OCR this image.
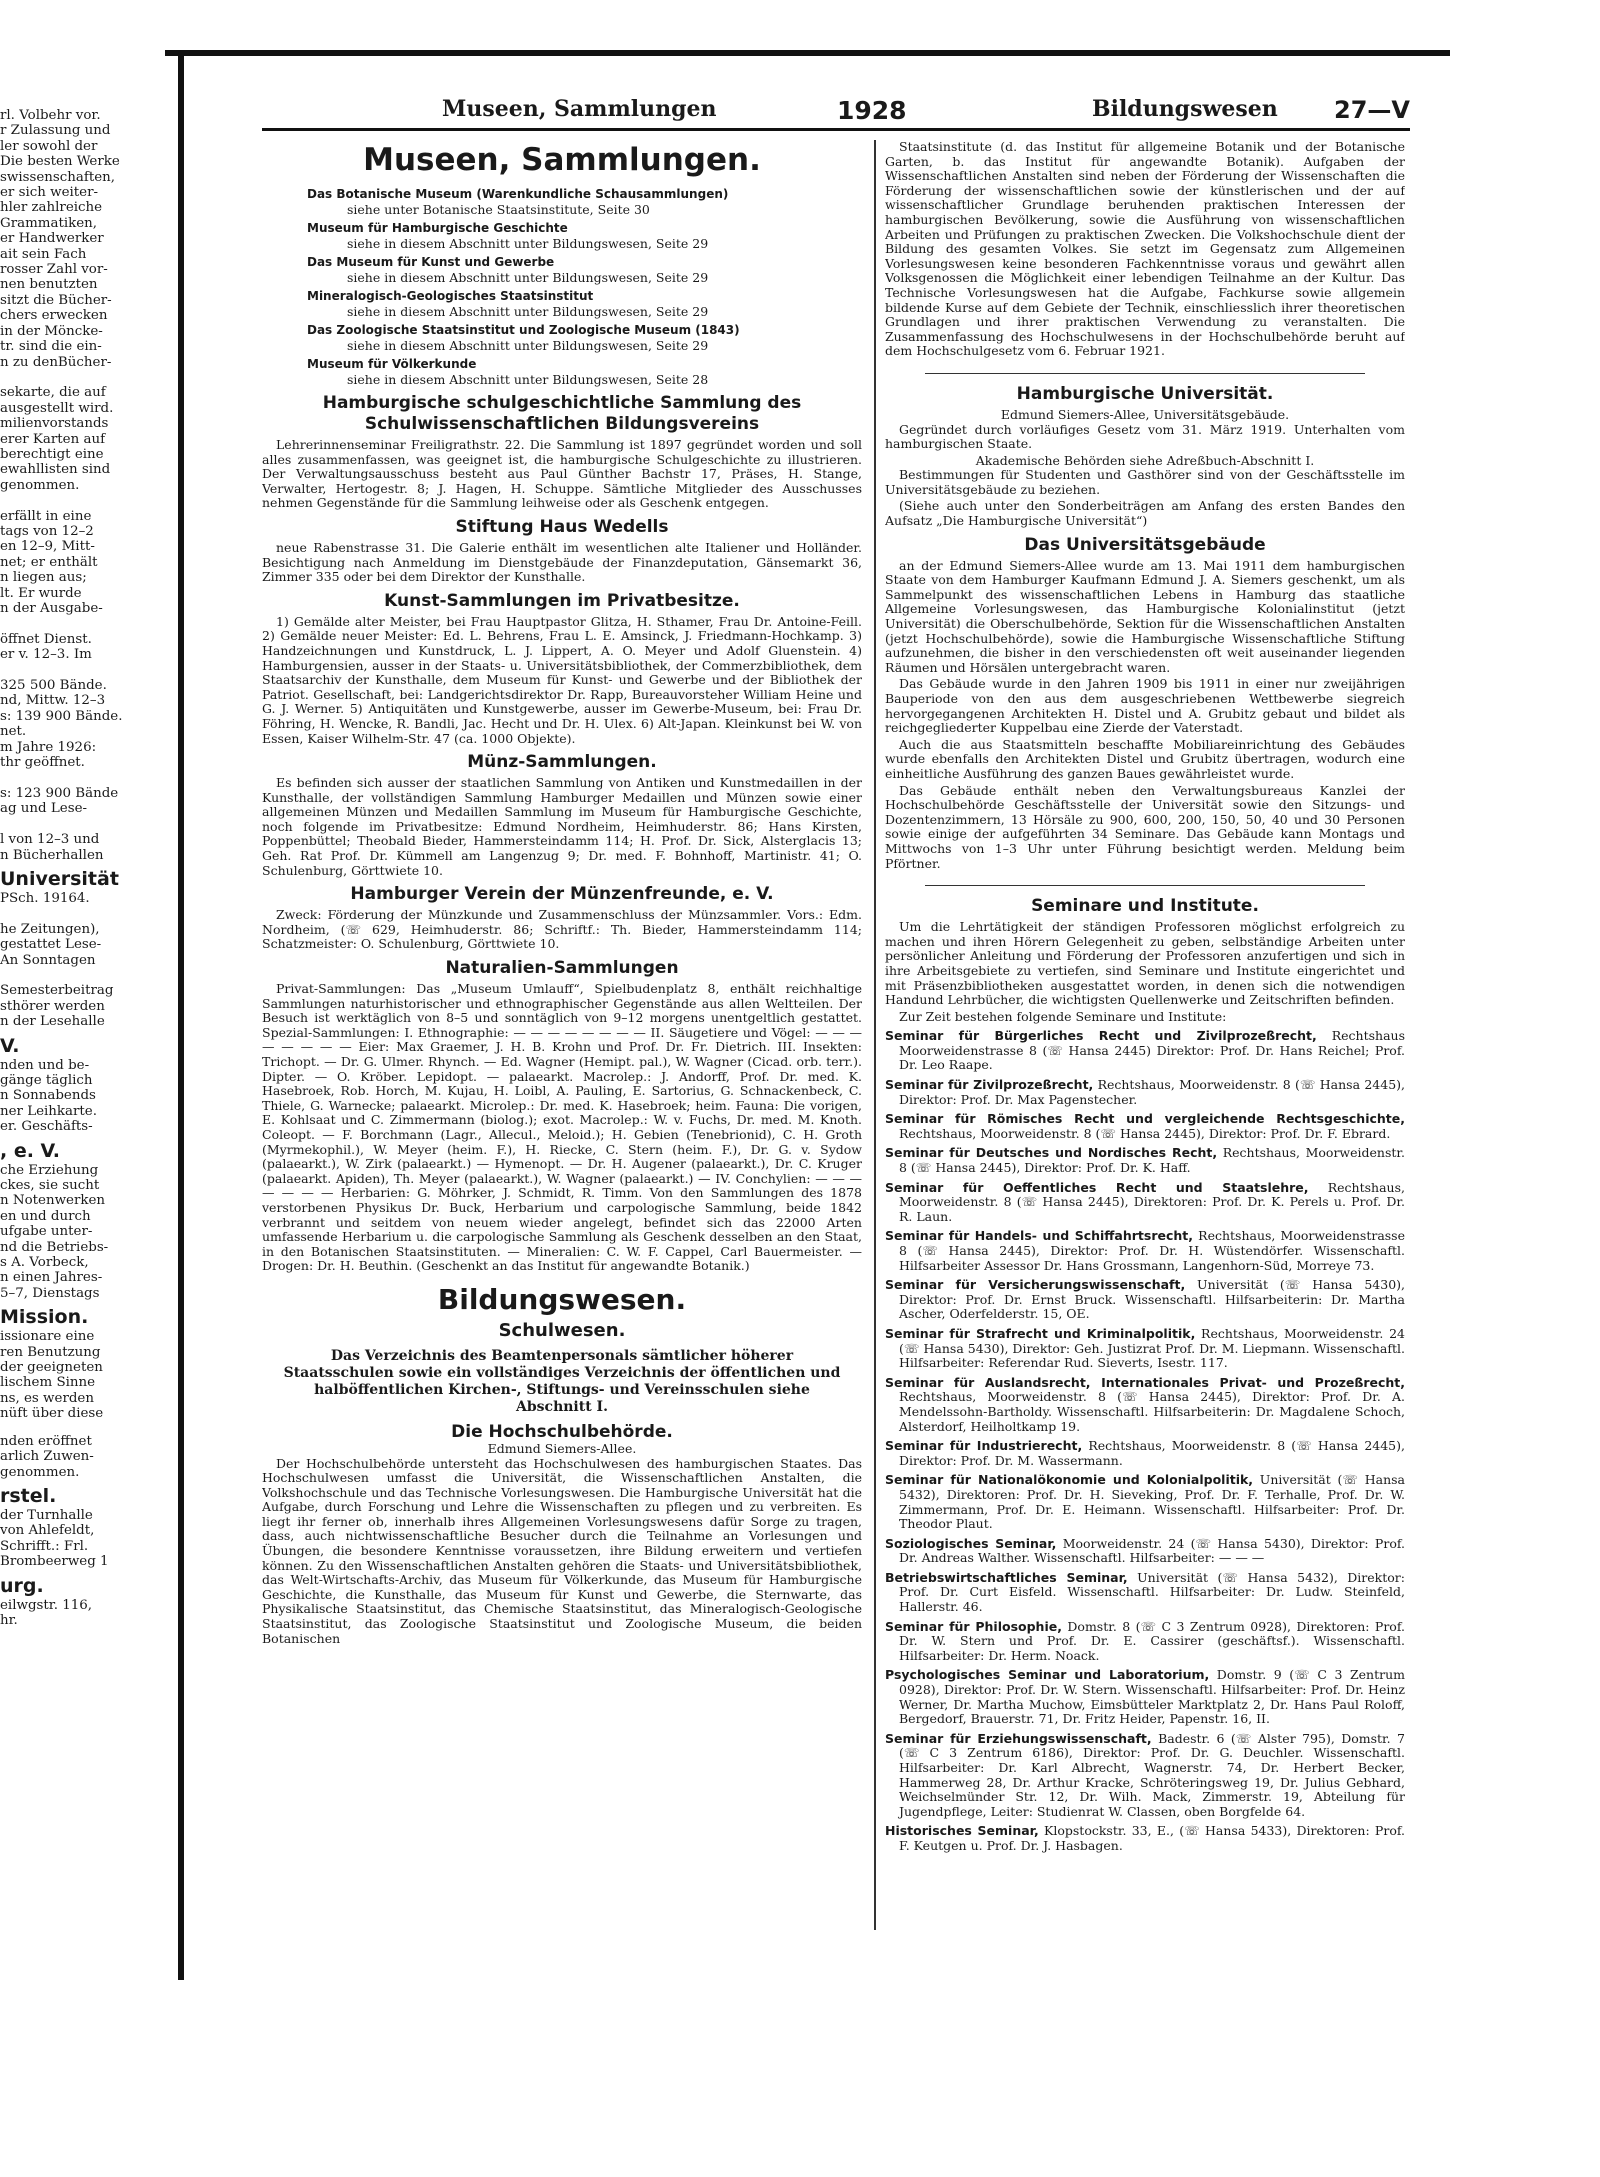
rl. Volbehr vor.
r Zulassung und
ler sowohl der
Die besten Werke
swissenschaften,
er sich weiter-
hler zahlreiche
Grammatiken,
er Handwerker
ait sein Fach
rosser Zahl vor-
nen benutzten
sitzt die Bücher-
chers erwecken
in der Möncke-
tr. sind die ein-
n zu denBücher-

sekarte, die auf
ausgestellt wird.
milienvorstands
erer Karten auf
berechtigt eine
ewahllisten sind
genommen.

erfällt in eine
tags von 12–2
en 12–9, Mitt-
net; er enthält
n liegen aus;
lt. Er wurde
n der Ausgabe-

öffnet Dienst.
er v. 12–3. Im

325 500 Bände.
nd, Mittw. 12–3
s: 139 900 Bände.
net.
m Jahre 1926:
thr geöffnet.

s: 123 900 Bände
ag und Lese-

l von 12–3 und
n Bücherhallen
Universität
PSch. 19164.

he Zeitungen),
gestattet Lese-
An Sonntagen

Semesterbeitrag
sthörer werden
n der Lesehalle
V.
nden und be-
gänge täglich
n Sonnabends
ner Leihkarte.
er. Geschäfts-
, e. V.
che Erziehung
ckes, sie sucht
n Notenwerken
en und durch
ufgabe unter-
nd die Betriebs-
s A. Vorbeck,
n einen Jahres-
5–7, Dienstags
Mission.
issionare eine
ren Benutzung
der geeigneten
lischem Sinne
ns, es werden
nüft über diese
nden eröffnet
arlich Zuwen-
genommen.
rstel.
der Turnhalle
von Ahlefeldt,
Schrifft.: Frl.
Brombeerweg 1
urg.
eilwgstr. 116,
hr.
Museen, Sammlungen	1928	Bildungswesen 27—V
Museen, Sammlungen.
Das Botanische Museum (Warenkundliche Schausammlungen)
siehe unter Botanische Staatsinstitute, Seite 30
Museum für Hamburgische Geschichte
siehe in diesem Abschnitt unter Bildungswesen, Seite 29
Das Museum für Kunst und Gewerbe
siehe in diesem Abschnitt unter Bildungswesen, Seite 29
Mineralogisch-Geologisches Staatsinstitut
siehe in diesem Abschnitt unter Bildungswesen, Seite 29
Das Zoologische Staatsinstitut und Zoologische Museum (1843)
siehe in diesem Abschnitt unter Bildungswesen, Seite 29
Museum für Völkerkunde
siehe in diesem Abschnitt unter Bildungswesen, Seite 28
Hamburgische schulgeschichtliche Sammlung des Schulwissenschaftlichen Bildungsvereins
Lehrerinnenseminar Freiligrathstr. 22. Die Sammlung ist 1897 gegründet worden und soll alles zusammenfassen, was geeignet ist, die hamburgische Schulgeschichte zu illustrieren. Der Verwaltungsausschuss besteht aus Paul Günther Bachstr 17, Präses, H. Stange, Verwalter, Hertogestr. 8; J. Hagen, H. Schuppe. Sämtliche Mitglieder des Ausschusses nehmen Gegenstände für die Sammlung leihweise oder als Geschenk entgegen.
Stiftung Haus Wedells
neue Rabenstrasse 31. Die Galerie enthält im wesentlichen alte Italiener und Holländer. Besichtigung nach Anmeldung im Dienstgebäude der Finanzdeputation, Gänsemarkt 36, Zimmer 335 oder bei dem Direktor der Kunsthalle.
Kunst-Sammlungen im Privatbesitze.
1) Gemälde alter Meister, bei Frau Hauptpastor Glitza, H. Sthamer, Frau Dr. Antoine-Feill. 2) Gemälde neuer Meister: Ed. L. Behrens, Frau L. E. Amsinck, J. Friedmann-Hochkamp. 3) Handzeichnungen und Kunstdruck, L. J. Lippert, A. O. Meyer und Adolf Gluenstein. 4) Hamburgensien, ausser in der Staats- u. Universitätsbibliothek, der Commerzbibliothek, dem Staatsarchiv der Kunsthalle, dem Museum für Kunst- und Gewerbe und der Bibliothek der Patriot. Gesellschaft, bei: Landgerichtsdirektor Dr. Rapp, Bureauvorsteher William Heine und G. J. Werner. 5) Antiquitäten und Kunstgewerbe, ausser im Gewerbe-Museum, bei: Frau Dr. Föhring, H. Wencke, R. Bandli, Jac. Hecht und Dr. H. Ulex. 6) Alt-Japan. Kleinkunst bei W. von Essen, Kaiser Wilhelm-Str. 47 (ca. 1000 Objekte).
Münz-Sammlungen.
Es befinden sich ausser der staatlichen Sammlung von Antiken und Kunstmedaillen in der Kunsthalle, der vollständigen Sammlung Hamburger Medaillen und Münzen sowie einer allgemeinen Münzen und Medaillen Sammlung im Museum für Hamburgische Geschichte, noch folgende im Privatbesitze: Edmund Nordheim, Heimhuderstr. 86; Hans Kirsten, Poppenbüttel; Theobald Bieder, Hammersteindamm 114; H. Prof. Dr. Sick, Alsterglacis 13; Geh. Rat Prof. Dr. Kümmell am Langenzug 9; Dr. med. F. Bohnhoff, Martinistr. 41; O. Schulenburg, Görttwiete 10.
Hamburger Verein der Münzenfreunde, e. V.
Zweck: Förderung der Münzkunde und Zusammenschluss der Münzsammler. Vors.: Edm. Nordheim, (☏ 629, Heimhuderstr. 86; Schriftf.: Th. Bieder, Hammersteindamm 114; Schatzmeister: O. Schulenburg, Görttwiete 10.
Naturalien-Sammlungen
Privat-Sammlungen: Das „Museum Umlauff“, Spielbudenplatz 8, enthält reichhaltige Sammlungen naturhistorischer und ethnographischer Gegenstände aus allen Weltteilen. Der Besuch ist werktäglich von 8–5 und sonntäglich von 9–12 morgens unentgeltlich gestattet. Spezial-Sammlungen: I. Ethnographie: — — — — — — — — II. Säugetiere und Vögel: — — — — — — — — Eier: Max Graemer, J. H. B. Krohn und Prof. Dr. Fr. Dietrich. III. Insekten: Trichopt. — Dr. G. Ulmer. Rhynch. — Ed. Wagner (Hemipt. pal.), W. Wagner (Cicad. orb. terr.). Dipter. — O. Kröber. Lepidopt. — palaearkt. Macrolep.: J. Andorff, Prof. Dr. med. K. Hasebroek, Rob. Horch, M. Kujau, H. Loibl, A. Pauling, E. Sartorius, G. Schnackenbeck, C. Thiele, G. Warnecke; palaearkt. Microlep.: Dr. med. K. Hasebroek; heim. Fauna: Die vorigen, E. Kohlsaat und C. Zimmermann (biolog.); exot. Macrolep.: W. v. Fuchs, Dr. med. M. Knoth. Coleopt. — F. Borchmann (Lagr., Allecul., Meloid.); H. Gebien (Tenebrionid), C. H. Groth (Myrmekophil.), W. Meyer (heim. F.), H. Riecke, C. Stern (heim. F.), Dr. G. v. Sydow (palaearkt.), W. Zirk (palaearkt.) — Hymenopt. — Dr. H. Augener (palaearkt.), Dr. C. Kruger (palaearkt. Apiden), Th. Meyer (palaearkt.), W. Wagner (palaearkt.) — IV. Conchylien: — — — — — — — Herbarien: G. Möhrker, J. Schmidt, R. Timm. Von den Sammlungen des 1878 verstorbenen Physikus Dr. Buck, Herbarium und carpologische Sammlung, beide 1842 verbrannt und seitdem von neuem wieder angelegt, befindet sich das 22000 Arten umfassende Herbarium u. die carpologische Sammlung als Geschenk desselben an den Staat, in den Botanischen Staatsinstituten. — Mineralien: C. W. F. Cappel, Carl Bauermeister. — Drogen: Dr. H. Beuthin. (Geschenkt an das Institut für angewandte Botanik.)
Bildungswesen.
Schulwesen.
Das Verzeichnis des Beamtenpersonals sämtlicher höherer Staatsschulen sowie ein vollständiges Verzeichnis der öffentlichen und halböffentlichen Kirchen-, Stiftungs- und Vereinsschulen siehe Abschnitt I.
Die Hochschulbehörde.
Edmund Siemers-Allee.
Der Hochschulbehörde untersteht das Hochschulwesen des hamburgischen Staates. Das Hochschulwesen umfasst die Universität, die Wissenschaftlichen Anstalten, die Volkshochschule und das Technische Vorlesungswesen. Die Hamburgische Universität hat die Aufgabe, durch Forschung und Lehre die Wissenschaften zu pflegen und zu verbreiten. Es liegt ihr ferner ob, innerhalb ihres Allgemeinen Vorlesungswesens dafür Sorge zu tragen, dass, auch nichtwissenschaftliche Besucher durch die Teilnahme an Vorlesungen und Übungen, die besondere Kenntnisse voraussetzen, ihre Bildung erweitern und vertiefen können. Zu den Wissenschaftlichen Anstalten gehören die Staats- und Universitätsbibliothek, das Welt-Wirtschafts-Archiv, das Museum für Völkerkunde, das Museum für Hamburgische Geschichte, die Kunsthalle, das Museum für Kunst und Gewerbe, die Sternwarte, das Physikalische Staatsinstitut, das Chemische Staatsinstitut, das Mineralogisch-Geologische Staatsinstitut, das Zoologische Staatsinstitut und Zoologische Museum, die beiden Botanischen
Staatsinstitute (d. das Institut für allgemeine Botanik und der Botanische Garten, b. das Institut für angewandte Botanik). Aufgaben der Wissenschaftlichen Anstalten sind neben der Förderung der Wissenschaften die Förderung der wissenschaftlichen sowie der künstlerischen und der auf wissenschaftlicher Grundlage beruhenden praktischen Interessen der hamburgischen Bevölkerung, sowie die Ausführung von wissenschaftlichen Arbeiten und Prüfungen zu praktischen Zwecken. Die Volkshochschule dient der Bildung des gesamten Volkes. Sie setzt im Gegensatz zum Allgemeinen Vorlesungswesen keine besonderen Fachkenntnisse voraus und gewährt allen Volksgenossen die Möglichkeit einer lebendigen Teilnahme an der Kultur. Das Technische Vorlesungswesen hat die Aufgabe, Fachkurse sowie allgemein bildende Kurse auf dem Gebiete der Technik, einschliesslich ihrer theoretischen Grundlagen und ihrer praktischen Verwendung zu veranstalten. Die Zusammenfassung des Hochschulwesens in der Hochschulbehörde beruht auf dem Hochschulgesetz vom 6. Februar 1921.
Hamburgische Universität.
Edmund Siemers-Allee, Universitätsgebäude.
Gegründet durch vorläufiges Gesetz vom 31. März 1919. Unterhalten vom hamburgischen Staate.
Akademische Behörden siehe Adreßbuch-Abschnitt I.
Bestimmungen für Studenten und Gasthörer sind von der Geschäftsstelle im Universitätsgebäude zu beziehen.
(Siehe auch unter den Sonderbeiträgen am Anfang des ersten Bandes den Aufsatz „Die Hamburgische Universität“)
Das Universitätsgebäude
an der Edmund Siemers-Allee wurde am 13. Mai 1911 dem hamburgischen Staate von dem Hamburger Kaufmann Edmund J. A. Siemers geschenkt, um als Sammelpunkt des wissenschaftlichen Lebens in Hamburg das staatliche Allgemeine Vorlesungswesen, das Hamburgische Kolonialinstitut (jetzt Universität) die Oberschulbehörde, Sektion für die Wissenschaftlichen Anstalten (jetzt Hochschulbehörde), sowie die Hamburgische Wissenschaftliche Stiftung aufzunehmen, die bisher in den verschiedensten oft weit auseinander liegenden Räumen und Hörsälen untergebracht waren.
Das Gebäude wurde in den Jahren 1909 bis 1911 in einer nur zweijährigen Bauperiode von den aus dem ausgeschriebenen Wettbewerbe siegreich hervorgegangenen Architekten H. Distel und A. Grubitz gebaut und bildet als reichgegliederter Kuppelbau eine Zierde der Vaterstadt.
Auch die aus Staatsmitteln beschaffte Mobiliareinrichtung des Gebäudes wurde ebenfalls den Architekten Distel und Grubitz übertragen, wodurch eine einheitliche Ausführung des ganzen Baues gewährleistet wurde.
Das Gebäude enthält neben den Verwaltungsbureaus Kanzlei der Hochschulbehörde Geschäftsstelle der Universität sowie den Sitzungs- und Dozentenzimmern, 13 Hörsäle zu 900, 600, 200, 150, 50, 40 und 30 Personen sowie einige der aufgeführten 34 Seminare. Das Gebäude kann Montags und Mittwochs von 1–3 Uhr unter Führung besichtigt werden. Meldung beim Pförtner.
Seminare und Institute.
Um die Lehrtätigkeit der ständigen Professoren möglichst erfolgreich zu machen und ihren Hörern Gelegenheit zu geben, selbständige Arbeiten unter persönlicher Anleitung und Förderung der Professoren anzufertigen und sich in ihre Arbeitsgebiete zu vertiefen, sind Seminare und Institute eingerichtet und mit Präsenzbibliotheken ausgestattet worden, in denen sich die notwendigen Handund Lehrbücher, die wichtigsten Quellenwerke und Zeitschriften befinden.
Zur Zeit bestehen folgende Seminare und Institute:
Seminar für Bürgerliches Recht und Zivilprozeßrecht, Rechtshaus Moorweidenstrasse 8 (☏ Hansa 2445) Direktor: Prof. Dr. Hans Reichel; Prof. Dr. Leo Raape.
Seminar für Zivilprozeßrecht, Rechtshaus, Moorweidenstr. 8 (☏ Hansa 2445), Direktor: Prof. Dr. Max Pagenstecher.
Seminar für Römisches Recht und vergleichende Rechtsgeschichte, Rechtshaus, Moorweidenstr. 8 (☏ Hansa 2445), Direktor: Prof. Dr. F. Ebrard.
Seminar für Deutsches und Nordisches Recht, Rechtshaus, Moorweidenstr. 8 (☏ Hansa 2445), Direktor: Prof. Dr. K. Haff.
Seminar für Oeffentliches Recht und Staatslehre, Rechtshaus, Moorweidenstr. 8 (☏ Hansa 2445), Direktoren: Prof. Dr. K. Perels u. Prof. Dr. R. Laun.
Seminar für Handels- und Schiffahrtsrecht, Rechtshaus, Moorweidenstrasse 8 (☏ Hansa 2445), Direktor: Prof. Dr. H. Wüstendörfer. Wissenschaftl. Hilfsarbeiter Assessor Dr. Hans Grossmann, Langenhorn-Süd, Morreye 73.
Seminar für Versicherungswissenschaft, Universität (☏ Hansa 5430), Direktor: Prof. Dr. Ernst Bruck. Wissenschaftl. Hilfsarbeiterin: Dr. Martha Ascher, Oderfelderstr. 15, OE.
Seminar für Strafrecht und Kriminalpolitik, Rechtshaus, Moorweidenstr. 24 (☏ Hansa 5430), Direktor: Geh. Justizrat Prof. Dr. M. Liepmann. Wissenschaftl. Hilfsarbeiter: Referendar Rud. Sieverts, Isestr. 117.
Seminar für Auslandsrecht, Internationales Privat- und Prozeßrecht, Rechtshaus, Moorweidenstr. 8 (☏ Hansa 2445), Direktor: Prof. Dr. A. Mendelssohn-Bartholdy. Wissenschaftl. Hilfsarbeiterin: Dr. Magdalene Schoch, Alsterdorf, Heilholtkamp 19.
Seminar für Industrierecht, Rechtshaus, Moorweidenstr. 8 (☏ Hansa 2445), Direktor: Prof. Dr. M. Wassermann.
Seminar für Nationalökonomie und Kolonialpolitik, Universität (☏ Hansa 5432), Direktoren: Prof. Dr. H. Sieveking, Prof. Dr. F. Terhalle, Prof. Dr. W. Zimmermann, Prof. Dr. E. Heimann. Wissenschaftl. Hilfsarbeiter: Prof. Dr. Theodor Plaut.
Soziologisches Seminar, Moorweidenstr. 24 (☏ Hansa 5430), Direktor: Prof. Dr. Andreas Walther. Wissenschaftl. Hilfsarbeiter: — — —
Betriebswirtschaftliches Seminar, Universität (☏ Hansa 5432), Direktor: Prof. Dr. Curt Eisfeld. Wissenschaftl. Hilfsarbeiter: Dr. Ludw. Steinfeld, Hallerstr. 46.
Seminar für Philosophie, Domstr. 8 (☏ C 3 Zentrum 0928), Direktoren: Prof. Dr. W. Stern und Prof. Dr. E. Cassirer (geschäftsf.). Wissenschaftl. Hilfsarbeiter: Dr. Herm. Noack.
Psychologisches Seminar und Laboratorium, Domstr. 9 (☏ C 3 Zentrum 0928), Direktor: Prof. Dr. W. Stern. Wissenschaftl. Hilfsarbeiter: Prof. Dr. Heinz Werner, Dr. Martha Muchow, Eimsbütteler Marktplatz 2, Dr. Hans Paul Roloff, Bergedorf, Brauerstr. 71, Dr. Fritz Heider, Papenstr. 16, II.
Seminar für Erziehungswissenschaft, Badestr. 6 (☏ Alster 795), Domstr. 7 (☏ C 3 Zentrum 6186), Direktor: Prof. Dr. G. Deuchler. Wissenschaftl. Hilfsarbeiter: Dr. Karl Albrecht, Wagnerstr. 74, Dr. Herbert Becker, Hammerweg 28, Dr. Arthur Kracke, Schröteringsweg 19, Dr. Julius Gebhard, Weichselmünder Str. 12, Dr. Wilh. Mack, Zimmerstr. 19, Abteilung für Jugendpflege, Leiter: Studienrat W. Classen, oben Borgfelde 64.
Historisches Seminar, Klopstockstr. 33, E., (☏ Hansa 5433), Direktoren: Prof. F. Keutgen u. Prof. Dr. J. Hasbagen.
